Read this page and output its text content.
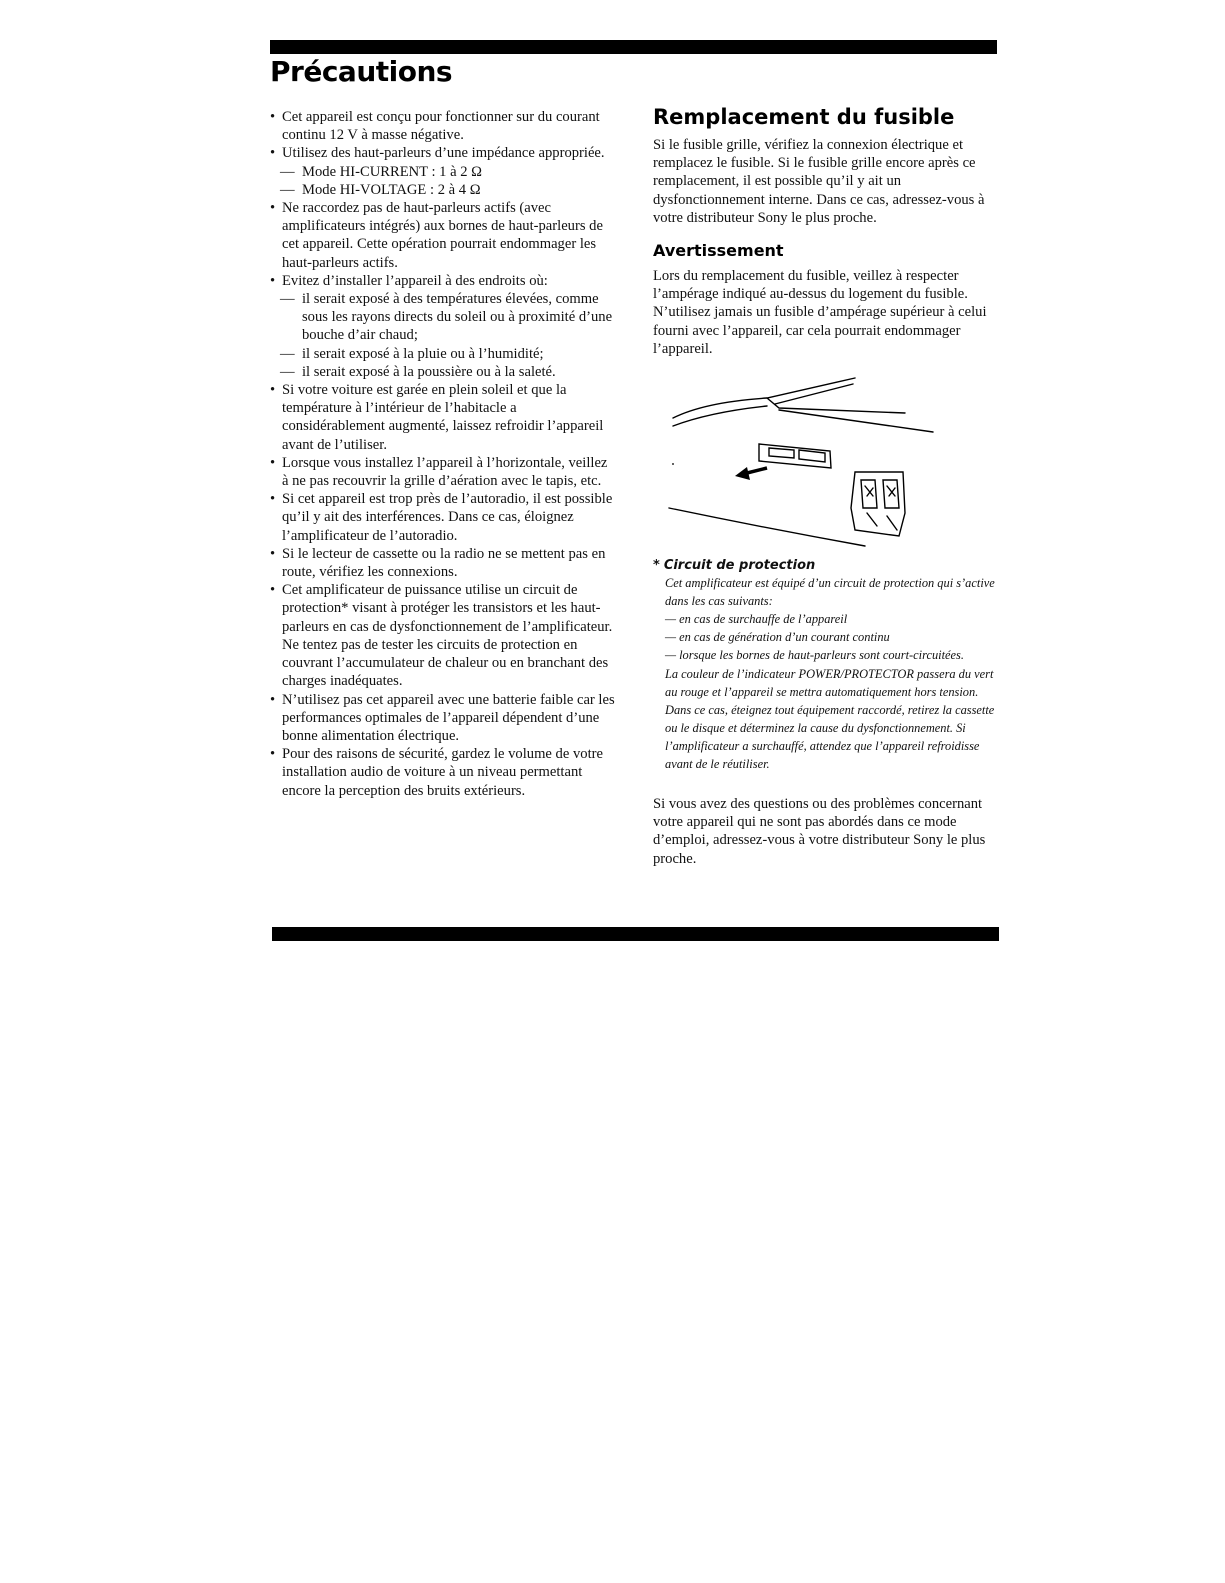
Précautions
• Cet appareil est conçu pour fonctionner sur du courant continu 12 V à masse négative.
• Utilisez des haut-parleurs d’une impédance appropriée.
— Mode HI-CURRENT : 1 à 2 Ω
— Mode HI-VOLTAGE : 2 à 4 Ω
• Ne raccordez pas de haut-parleurs actifs (avec amplificateurs intégrés) aux bornes de haut-parleurs de cet appareil. Cette opération pourrait endommager les haut-parleurs actifs.
• Evitez d’installer l’appareil à des endroits où:
— il serait exposé à des températures élevées, comme sous les rayons directs du soleil ou à proximité d’une bouche d’air chaud;
— il serait exposé à la pluie ou à l’humidité;
— il serait exposé à la poussière ou à la saleté.
• Si votre voiture est garée en plein soleil et que la température à l’intérieur de l’habitacle a considérablement augmenté, laissez refroidir l’appareil avant de l’utiliser.
• Lorsque vous installez l’appareil à l’horizontale, veillez à ne pas recouvrir la grille d’aération avec le tapis, etc.
• Si cet appareil est trop près de l’autoradio, il est possible qu’il y ait des interférences. Dans ce cas, éloignez l’amplificateur de l’autoradio.
• Si le lecteur de cassette ou la radio ne se mettent pas en route, vérifiez les connexions.
• Cet amplificateur de puissance utilise un circuit de protection* visant à protéger les transistors et les haut-parleurs en cas de dysfonctionnement de l’amplificateur. Ne tentez pas de tester les circuits de protection en couvrant l’accumulateur de chaleur ou en branchant des charges inadéquates.
• N’utilisez pas cet appareil avec une batterie faible car les performances optimales de l’appareil dépendent d’une bonne alimentation électrique.
• Pour des raisons de sécurité, gardez le volume de votre installation audio de voiture à un niveau permettant encore la perception des bruits extérieurs.
Remplacement du fusible

Si le fusible grille, vérifiez la connexion électrique et remplacez le fusible. Si le fusible grille encore après ce remplacement, il est possible qu’il y ait un dysfonctionnement interne. Dans ce cas, adressez-vous à votre distributeur Sony le plus proche.

Avertissement

Lors du remplacement du fusible, veillez à respecter l’ampérage indiqué au-dessus du logement du fusible. N’utilisez jamais un fusible d’ampérage supérieur à celui fourni avec l’appareil, car cela pourrait endommager l’appareil.

* Circuit de protection

Cet amplificateur est équipé d’un circuit de protection qui s’active dans les cas suivants:

— en cas de surchauffe de l’appareil

— en cas de génération d’un courant continu

— lorsque les bornes de haut-parleurs sont court-circuitées.

La couleur de l’indicateur POWER/PROTECTOR passera du vert au rouge et l’appareil se mettra automatiquement hors tension.

Dans ce cas, éteignez tout équipement raccordé, retirez la cassette ou le disque et déterminez la cause du dysfonctionnement. Si l’amplificateur a surchauffé, attendez que l’appareil refroidisse avant de le réutiliser.

Si vous avez des questions ou des problèmes concernant votre appareil qui ne sont pas abordés dans ce mode d’emploi, adressez-vous à votre distributeur Sony le plus proche.
